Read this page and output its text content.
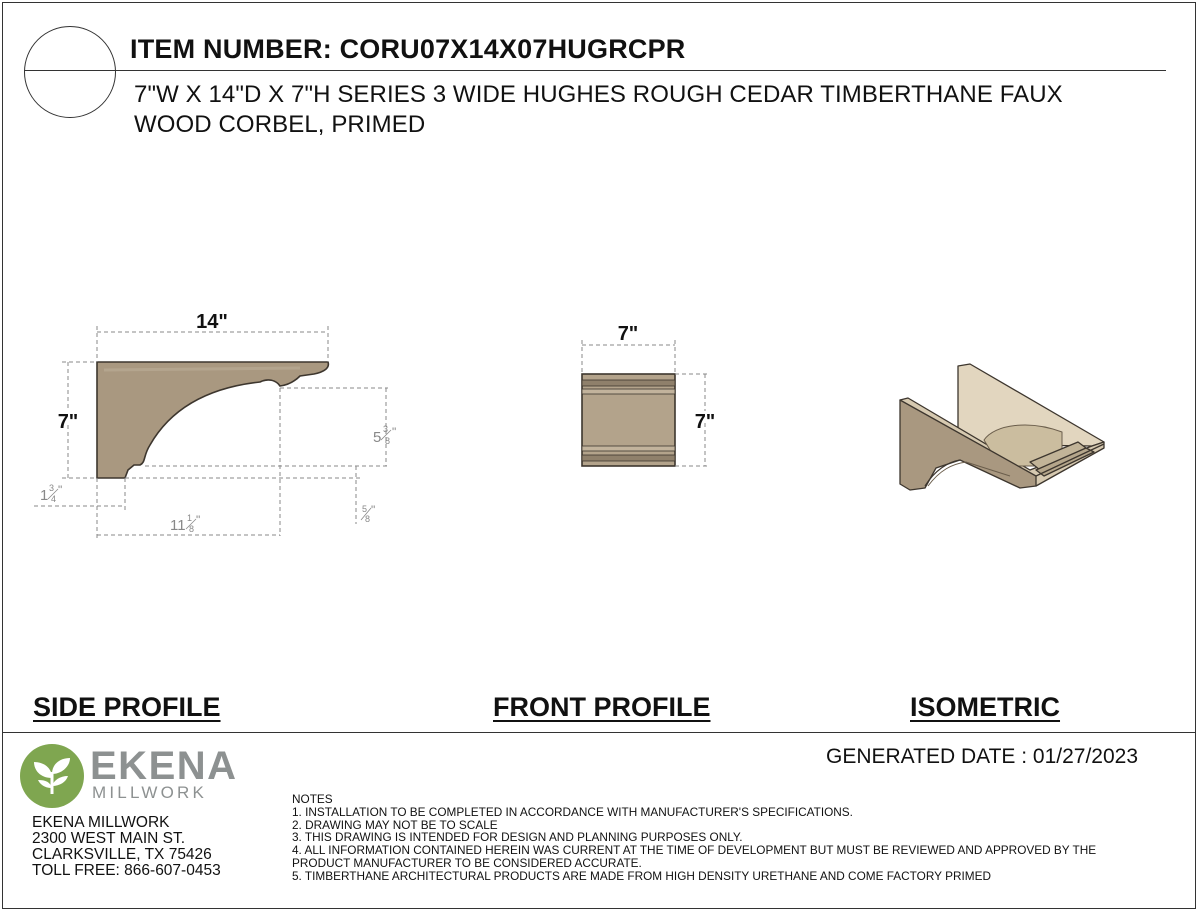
ITEM NUMBER: CORU07X14X07HUGRCPR
7"W X 14"D X 7"H SERIES 3 WIDE HUGHES ROUGH CEDAR TIMBERTHANE FAUX
WOOD CORBEL, PRIMED
14"
7"
5 3
8
"
1 3
4
"
5
8
"
11 1
8
"
7"
7"
SIDE PROFILE	FRONT PROFILE	ISOMETRIC
GENERATED DATE : 01/27/2023
EKENA
MILLWORK
EKENA MILLWORK
2300 WEST MAIN ST.
CLARKSVILLE, TX 75426
TOLL FREE: 866-607-0453
NOTES
1. INSTALLATION TO BE COMPLETED IN ACCORDANCE WITH MANUFACTURER'S SPECIFICATIONS.
2. DRAWING MAY NOT BE TO SCALE
3. THIS DRAWING IS INTENDED FOR DESIGN AND PLANNING PURPOSES ONLY.
4. ALL INFORMATION CONTAINED HEREIN WAS CURRENT AT THE TIME OF DEVELOPMENT BUT MUST BE REVIEWED AND APPROVED BY THE
PRODUCT MANUFACTURER TO BE CONSIDERED ACCURATE.
5. TIMBERTHANE ARCHITECTURAL PRODUCTS ARE MADE FROM HIGH DENSITY URETHANE AND COME FACTORY PRIMED
